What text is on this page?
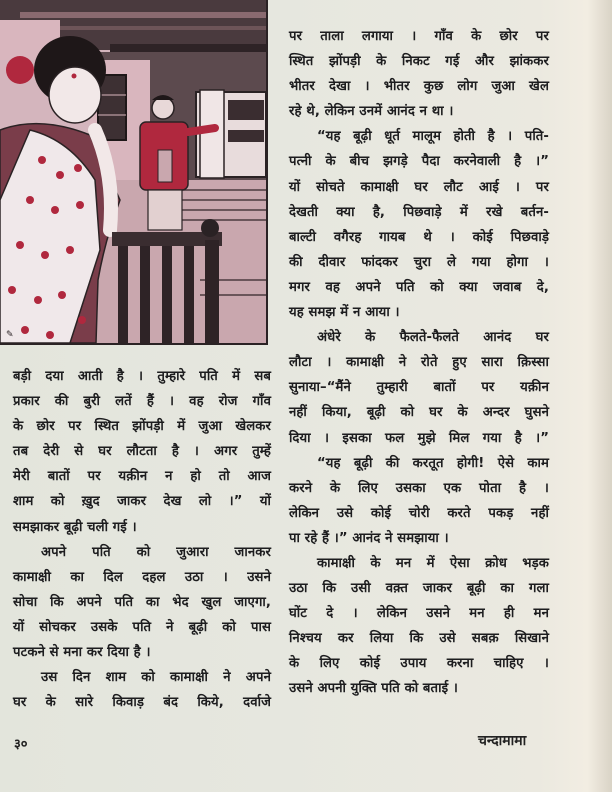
✎

पर ताला लगाया । गाँव के छोर पर

स्थित झोंपड़ी के निकट गई और झांककर

भीतर देखा । भीतर कुछ लोग जुआ खेल

रहे थे, लेकिन उनमें आनंद न था ।

“यह बूढ़ी धूर्त मालूम होती है । पति-

पत्नी के बीच झगड़े पैदा करनेवाली है ।”

यों सोचते कामाक्षी घर लौट आई । पर

देखती क्या है, पिछवाड़े में रखे बर्तन-

बाल्टी वगैरह गायब थे । कोई पिछवाड़े

की दीवार फांदकर चुरा ले गया होगा ।

मगर वह अपने पति को क्या जवाब दे,

यह समझ में न आया ।

अंधेरे के फैलते-फैलते आनंद घर

लौटा । कामाक्षी ने रोते हुए सारा क़िस्सा

सुनाया–“मैंने तुम्हारी बातों पर यक़ीन

नहीं किया, बूढ़ी को घर के अन्दर घुसने

दिया । इसका फल मुझे मिल गया है ।”

“यह बूढ़ी की करतूत होगी! ऐसे काम

करने के लिए उसका एक पोता है ।

लेकिन उसे कोई चोरी करते पकड़ नहीं

पा रहे हैं ।” आनंद ने समझाया ।

कामाक्षी के मन में ऐसा क्रोध भड़क

उठा कि उसी वक़्त जाकर बूढ़ी का गला

घोंट दे । लेकिन उसने मन ही मन

निश्चय कर लिया कि उसे सबक़ सिखाने

के लिए कोई उपाय करना चाहिए ।

उसने अपनी युक्ति पति को बताई ।

बड़ी दया आती है । तुम्हारे पति में सब

प्रकार की बुरी लतें हैं । वह रोज गाँव

के छोर पर स्थित झोंपड़ी में जुआ खेलकर

तब देरी से घर लौटता है । अगर तुम्हें

मेरी बातों पर यक़ीन न हो तो आज

शाम को ख़ुद जाकर देख लो ।” यों

समझाकर बूढ़ी चली गई ।

अपने पति को जुआरा जानकर

कामाक्षी का दिल दहल उठा । उसने

सोचा कि अपने पति का भेद खुल जाएगा,

यों सोचकर उसके पति ने बूढ़ी को पास

पटकने से मना कर दिया है ।

उस दिन शाम को कामाक्षी ने अपने

घर के सारे किवाड़ बंद किये, दर्वाजे

३०	चन्दामामा
